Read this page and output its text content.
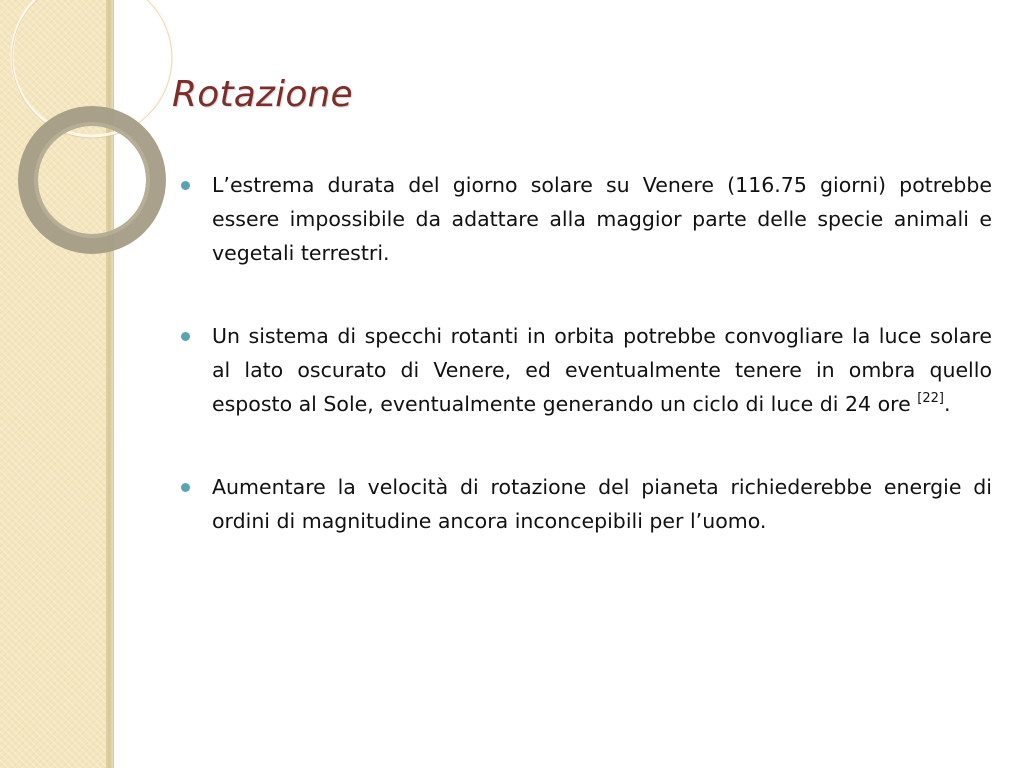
Rotazione

L’estrema durata del giorno solare su Venere (116.75 giorni) potrebbe essere impossibile da adattare alla maggior parte delle specie animali e vegetali terrestri.

Un sistema di specchi rotanti in orbita potrebbe convogliare la luce solare al lato oscurato di Venere, ed eventualmente tenere in ombra quello esposto al Sole, eventualmente generando un ciclo di luce di 24 ore [22].

Aumentare la velocità di rotazione del pianeta richiederebbe energie di ordini di magnitudine ancora inconcepibili per l’uomo.
